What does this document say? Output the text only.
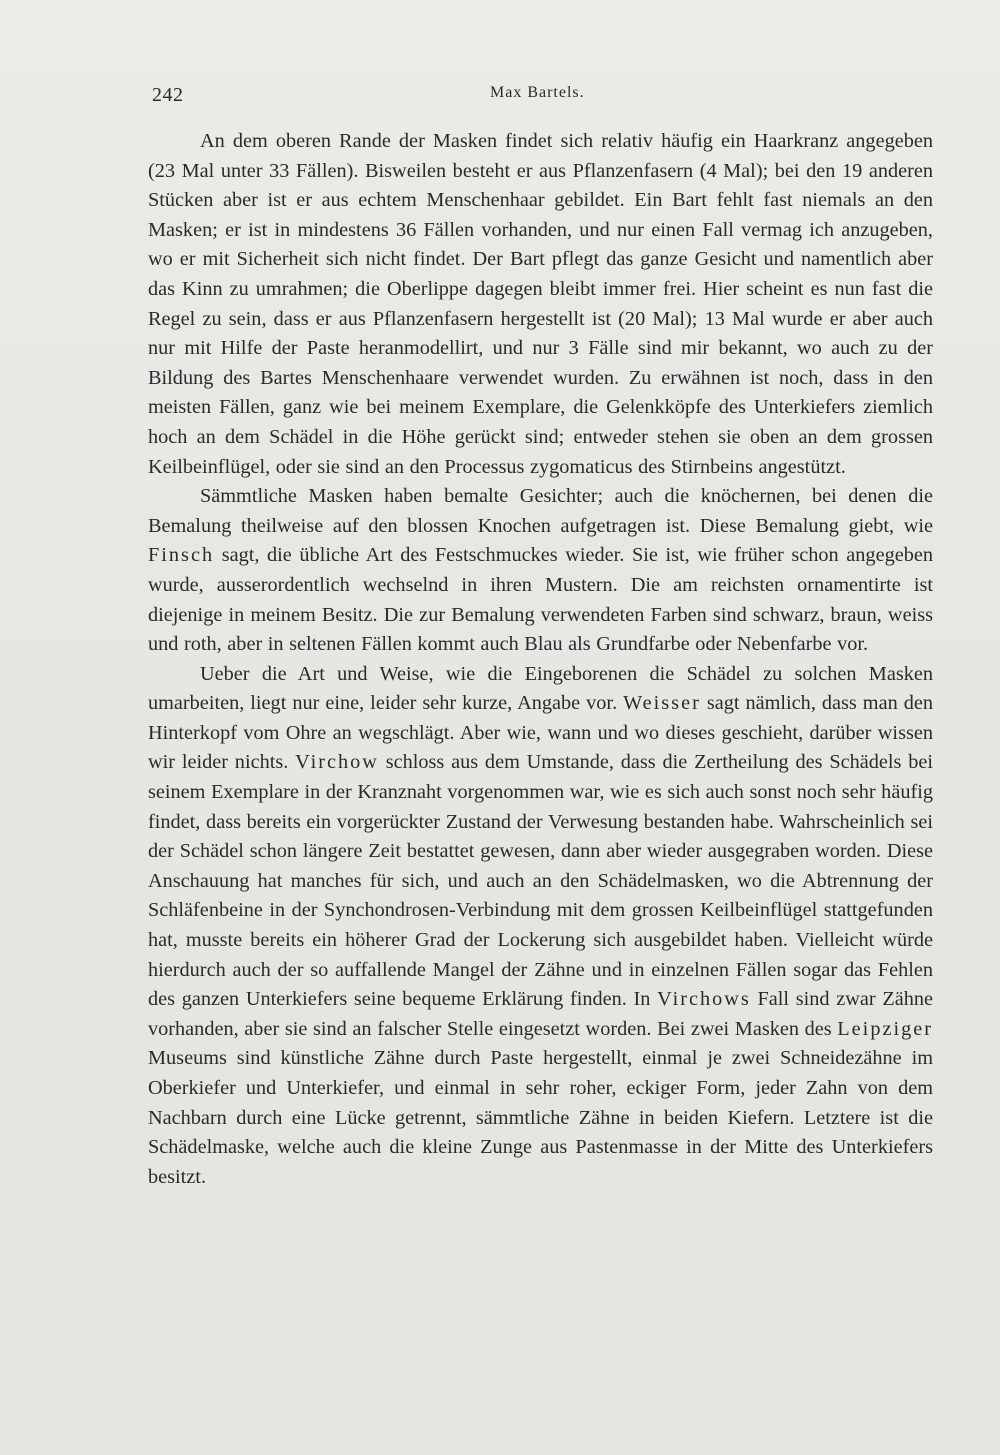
242	Max Bartels.

An dem oberen Rande der Masken findet sich relativ häufig ein Haarkranz angegeben (23 Mal unter 33 Fällen). Bisweilen besteht er aus Pflanzenfasern (4 Mal); bei den 19 anderen Stücken aber ist er aus echtem Menschenhaar gebildet. Ein Bart fehlt fast niemals an den Masken; er ist in mindestens 36 Fällen vorhanden, und nur einen Fall vermag ich anzugeben, wo er mit Sicherheit sich nicht findet. Der Bart pflegt das ganze Gesicht und namentlich aber das Kinn zu umrahmen; die Oberlippe dagegen bleibt immer frei. Hier scheint es nun fast die Regel zu sein, dass er aus Pflanzenfasern hergestellt ist (20 Mal); 13 Mal wurde er aber auch nur mit Hilfe der Paste heranmodellirt, und nur 3 Fälle sind mir bekannt, wo auch zu der Bildung des Bartes Menschenhaare verwendet wurden. Zu erwähnen ist noch, dass in den meisten Fällen, ganz wie bei meinem Exemplare, die Gelenkköpfe des Unterkiefers ziemlich hoch an dem Schädel in die Höhe gerückt sind; entweder stehen sie oben an dem grossen Keilbeinflügel, oder sie sind an den Processus zygomaticus des Stirnbeins angestützt.

Sämmtliche Masken haben bemalte Gesichter; auch die knöchernen, bei denen die Bemalung theilweise auf den blossen Knochen aufgetragen ist. Diese Bemalung giebt, wie Finsch sagt, die übliche Art des Festschmuckes wieder. Sie ist, wie früher schon angegeben wurde, ausserordentlich wechselnd in ihren Mustern. Die am reichsten ornamentirte ist diejenige in meinem Besitz. Die zur Bemalung verwendeten Farben sind schwarz, braun, weiss und roth, aber in seltenen Fällen kommt auch Blau als Grundfarbe oder Nebenfarbe vor.

Ueber die Art und Weise, wie die Eingeborenen die Schädel zu solchen Masken umarbeiten, liegt nur eine, leider sehr kurze, Angabe vor. Weisser sagt nämlich, dass man den Hinterkopf vom Ohre an wegschlägt. Aber wie, wann und wo dieses geschieht, darüber wissen wir leider nichts. Virchow schloss aus dem Umstande, dass die Zertheilung des Schädels bei seinem Exemplare in der Kranznaht vorgenommen war, wie es sich auch sonst noch sehr häufig findet, dass bereits ein vorgerückter Zustand der Verwesung bestanden habe. Wahrscheinlich sei der Schädel schon längere Zeit bestattet gewesen, dann aber wieder ausgegraben worden. Diese Anschauung hat manches für sich, und auch an den Schädelmasken, wo die Abtrennung der Schläfenbeine in der Synchondrosen-Verbindung mit dem grossen Keilbeinflügel stattgefunden hat, musste bereits ein höherer Grad der Lockerung sich ausgebildet haben. Vielleicht würde hierdurch auch der so auffallende Mangel der Zähne und in einzelnen Fällen sogar das Fehlen des ganzen Unterkiefers seine bequeme Erklärung finden. In Virchows Fall sind zwar Zähne vorhanden, aber sie sind an falscher Stelle eingesetzt worden. Bei zwei Masken des Leipziger Museums sind künstliche Zähne durch Paste hergestellt, einmal je zwei Schneidezähne im Oberkiefer und Unterkiefer, und einmal in sehr roher, eckiger Form, jeder Zahn von dem Nachbarn durch eine Lücke getrennt, sämmtliche Zähne in beiden Kiefern. Letztere ist die Schädelmaske, welche auch die kleine Zunge aus Pastenmasse in der Mitte des Unterkiefers besitzt.
